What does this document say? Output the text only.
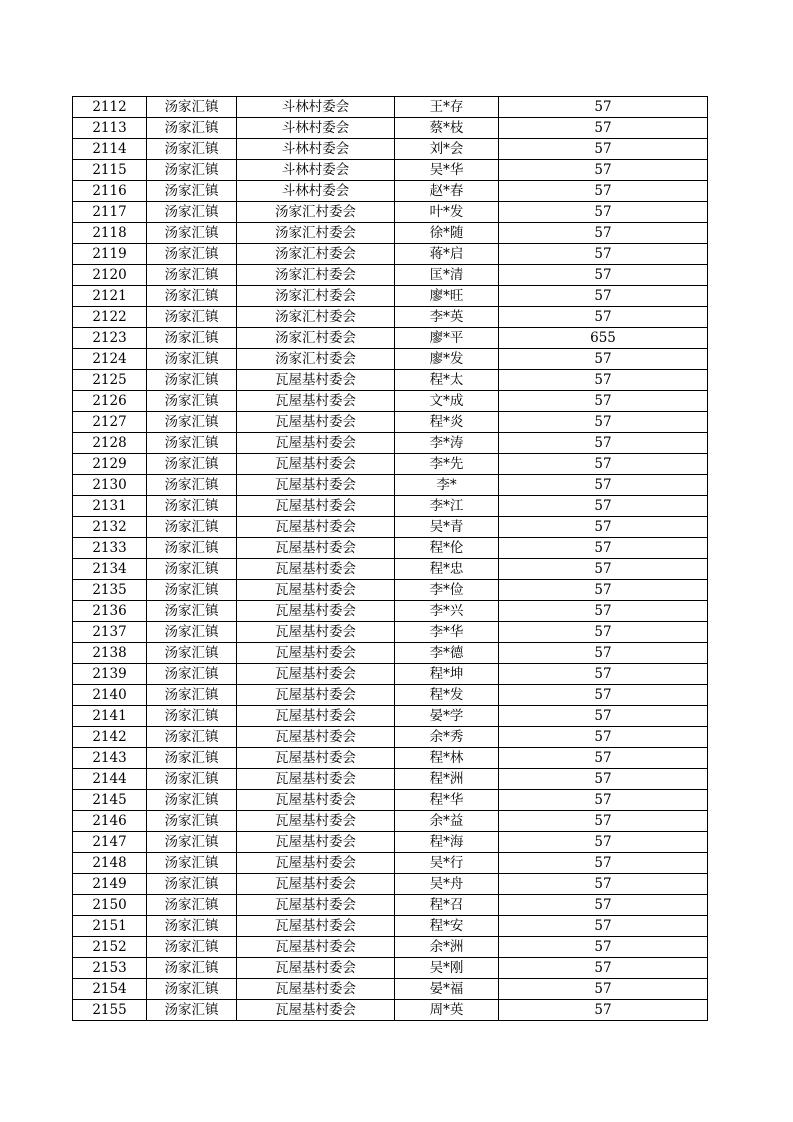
2112	汤家汇镇	斗林村委会	王*存	57
2113	汤家汇镇	斗林村委会	蔡*枝	57
2114	汤家汇镇	斗林村委会	刘*会	57
2115	汤家汇镇	斗林村委会	吴*华	57
2116	汤家汇镇	斗林村委会	赵*春	57
2117	汤家汇镇	汤家汇村委会	叶*发	57
2118	汤家汇镇	汤家汇村委会	徐*随	57
2119	汤家汇镇	汤家汇村委会	蒋*启	57
2120	汤家汇镇	汤家汇村委会	匡*清	57
2121	汤家汇镇	汤家汇村委会	廖*旺	57
2122	汤家汇镇	汤家汇村委会	李*英	57
2123	汤家汇镇	汤家汇村委会	廖*平	655
2124	汤家汇镇	汤家汇村委会	廖*发	57
2125	汤家汇镇	瓦屋基村委会	程*太	57
2126	汤家汇镇	瓦屋基村委会	文*成	57
2127	汤家汇镇	瓦屋基村委会	程*炎	57
2128	汤家汇镇	瓦屋基村委会	李*涛	57
2129	汤家汇镇	瓦屋基村委会	李*先	57
2130	汤家汇镇	瓦屋基村委会	李*	57
2131	汤家汇镇	瓦屋基村委会	李*江	57
2132	汤家汇镇	瓦屋基村委会	吴*青	57
2133	汤家汇镇	瓦屋基村委会	程*伦	57
2134	汤家汇镇	瓦屋基村委会	程*忠	57
2135	汤家汇镇	瓦屋基村委会	李*俭	57
2136	汤家汇镇	瓦屋基村委会	李*兴	57
2137	汤家汇镇	瓦屋基村委会	李*华	57
2138	汤家汇镇	瓦屋基村委会	李*德	57
2139	汤家汇镇	瓦屋基村委会	程*坤	57
2140	汤家汇镇	瓦屋基村委会	程*发	57
2141	汤家汇镇	瓦屋基村委会	晏*学	57
2142	汤家汇镇	瓦屋基村委会	余*秀	57
2143	汤家汇镇	瓦屋基村委会	程*林	57
2144	汤家汇镇	瓦屋基村委会	程*洲	57
2145	汤家汇镇	瓦屋基村委会	程*华	57
2146	汤家汇镇	瓦屋基村委会	余*益	57
2147	汤家汇镇	瓦屋基村委会	程*海	57
2148	汤家汇镇	瓦屋基村委会	吴*行	57
2149	汤家汇镇	瓦屋基村委会	吴*舟	57
2150	汤家汇镇	瓦屋基村委会	程*召	57
2151	汤家汇镇	瓦屋基村委会	程*安	57
2152	汤家汇镇	瓦屋基村委会	余*洲	57
2153	汤家汇镇	瓦屋基村委会	吴*刚	57
2154	汤家汇镇	瓦屋基村委会	晏*福	57
2155	汤家汇镇	瓦屋基村委会	周*英	57
